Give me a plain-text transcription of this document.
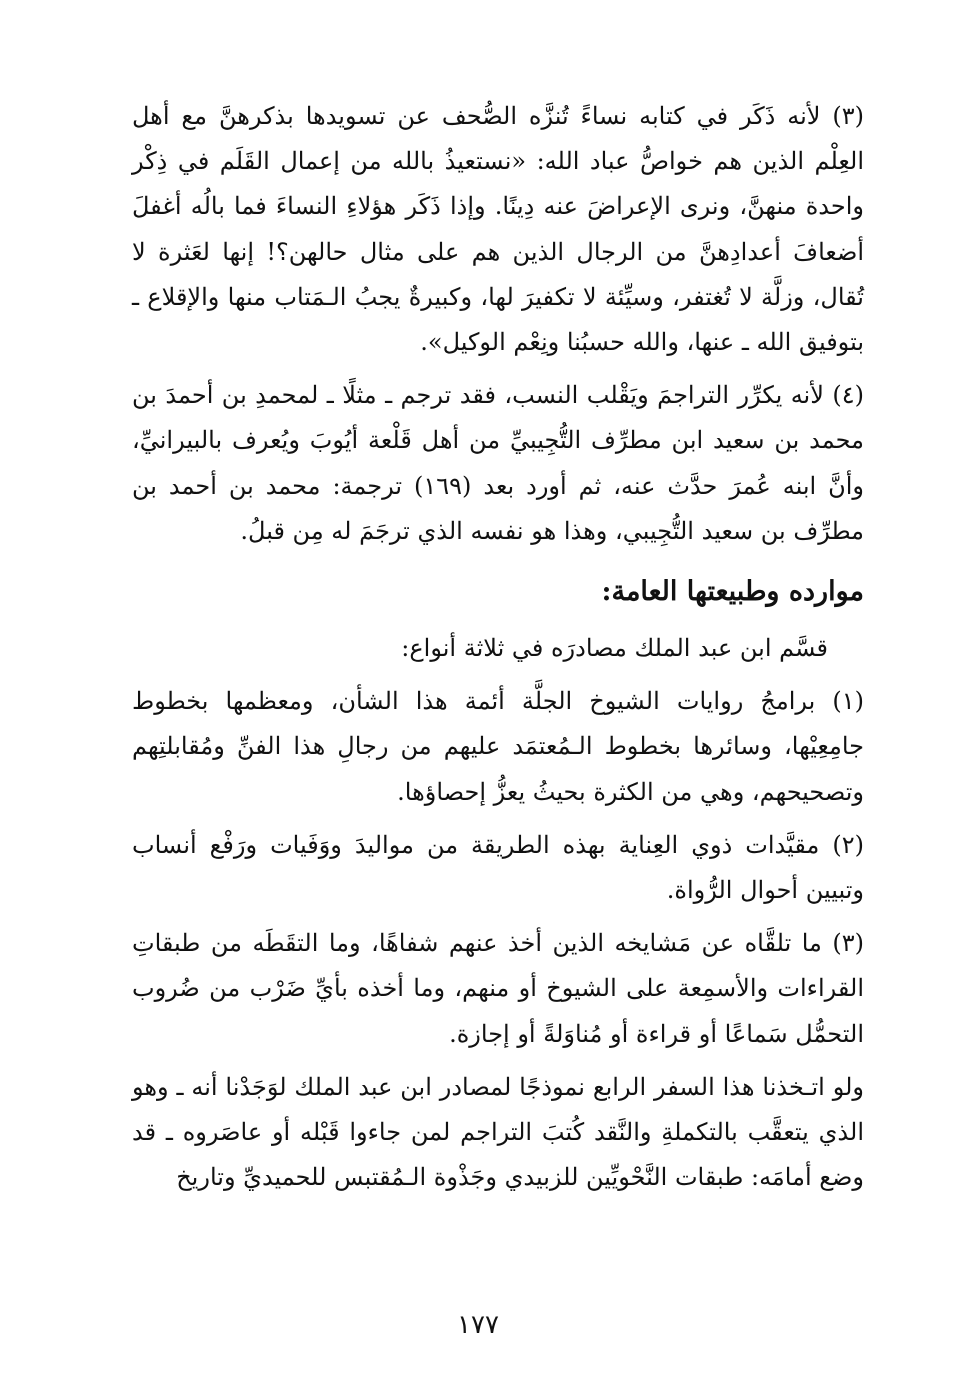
(٣) لأنه ذَكَر في كتابه نساءً تُنزَّه الصُّحف عن تسويدها بذكرهنَّ مع أهل العِلْم الذين هم خواصُّ عباد الله: «نستعيذُ بالله من إعمال القَلَم في ذِكْر واحدة منهنَّ، ونرى الإعراضَ عنه دِينًا. وإذا ذَكَر هؤلاءِ النساءَ فما بالُه أغفلَ أضعافَ أعدادِهنَّ من الرجال الذين هم على مثال حالهن؟! إنها لعَثرة لا تُقال، وزلَّة لا تُغتفر، وسيِّئة لا تكفيرَ لها، وكبيرةٌ يجبُ الـمَتاب منها والإقلاع ـ بتوفيق الله ـ عنها، والله حسبُنا ونِعْم الوكيل».

(٤) لأنه يكرِّر التراجمَ ويَقْلب النسب، فقد ترجم ـ مثلًا ـ لمحمدِ بن أحمدَ بن محمد بن سعيد ابن مطرِّف التُّجِيبيِّ من أهل قَلْعة أيُوبَ ويُعرف بالبيرانيِّ، وأنَّ ابنه عُمرَ حدَّث عنه، ثم أورد بعد (١٦٩) ترجمة: محمد بن أحمد بن مطرِّف بن سعيد التُّجِيبي، وهذا هو نفسه الذي ترجَمَ له مِن قبلُ.

موارده وطبيعتها العامة:

قسَّم ابن عبد الملك مصادرَه في ثلاثة أنواع:

(١) برامجُ روايات الشيوخ الجلَّة أئمة هذا الشأن، ومعظمها بخطوط جامِعِيْها، وسائرها بخطوط الـمُعتمَد عليهم من رجالِ هذا الفنِّ ومُقابلتِهم وتصحيحهم، وهي من الكثرة بحيثُ يعزُّ إحصاؤها.

(٢) مقيَّدات ذوي العِناية بهذه الطريقة من مواليدَ ووَفَيات ورَفْع أنساب وتبيين أحوال الرُّواة.

(٣) ما تلقَّاه عن مَشايخه الذين أخذ عنهم شفاهًا، وما التقَطَه من طبقاتِ القراءات والأسمِعة على الشيوخ أو منهم، وما أخذه بأيِّ ضَرْب من ضُروب التحمُّل سَماعًا أو قراءة أو مُناوَلةً أو إجازة.

ولو اتـخذنا هذا السفر الرابع نموذجًا لمصادر ابن عبد الملك لوَجَدْنا أنه ـ وهو الذي يتعقَّب بالتكملةِ والنَّقد كُتبَ التراجم لمن جاءوا قَبْله أو عاصَروه ـ قد وضع أمامَه: طبقات النَّحْويِّين للزبيدي وجَذْوة الـمُقتبس للحميديِّ وتاريخ

١٧٧
